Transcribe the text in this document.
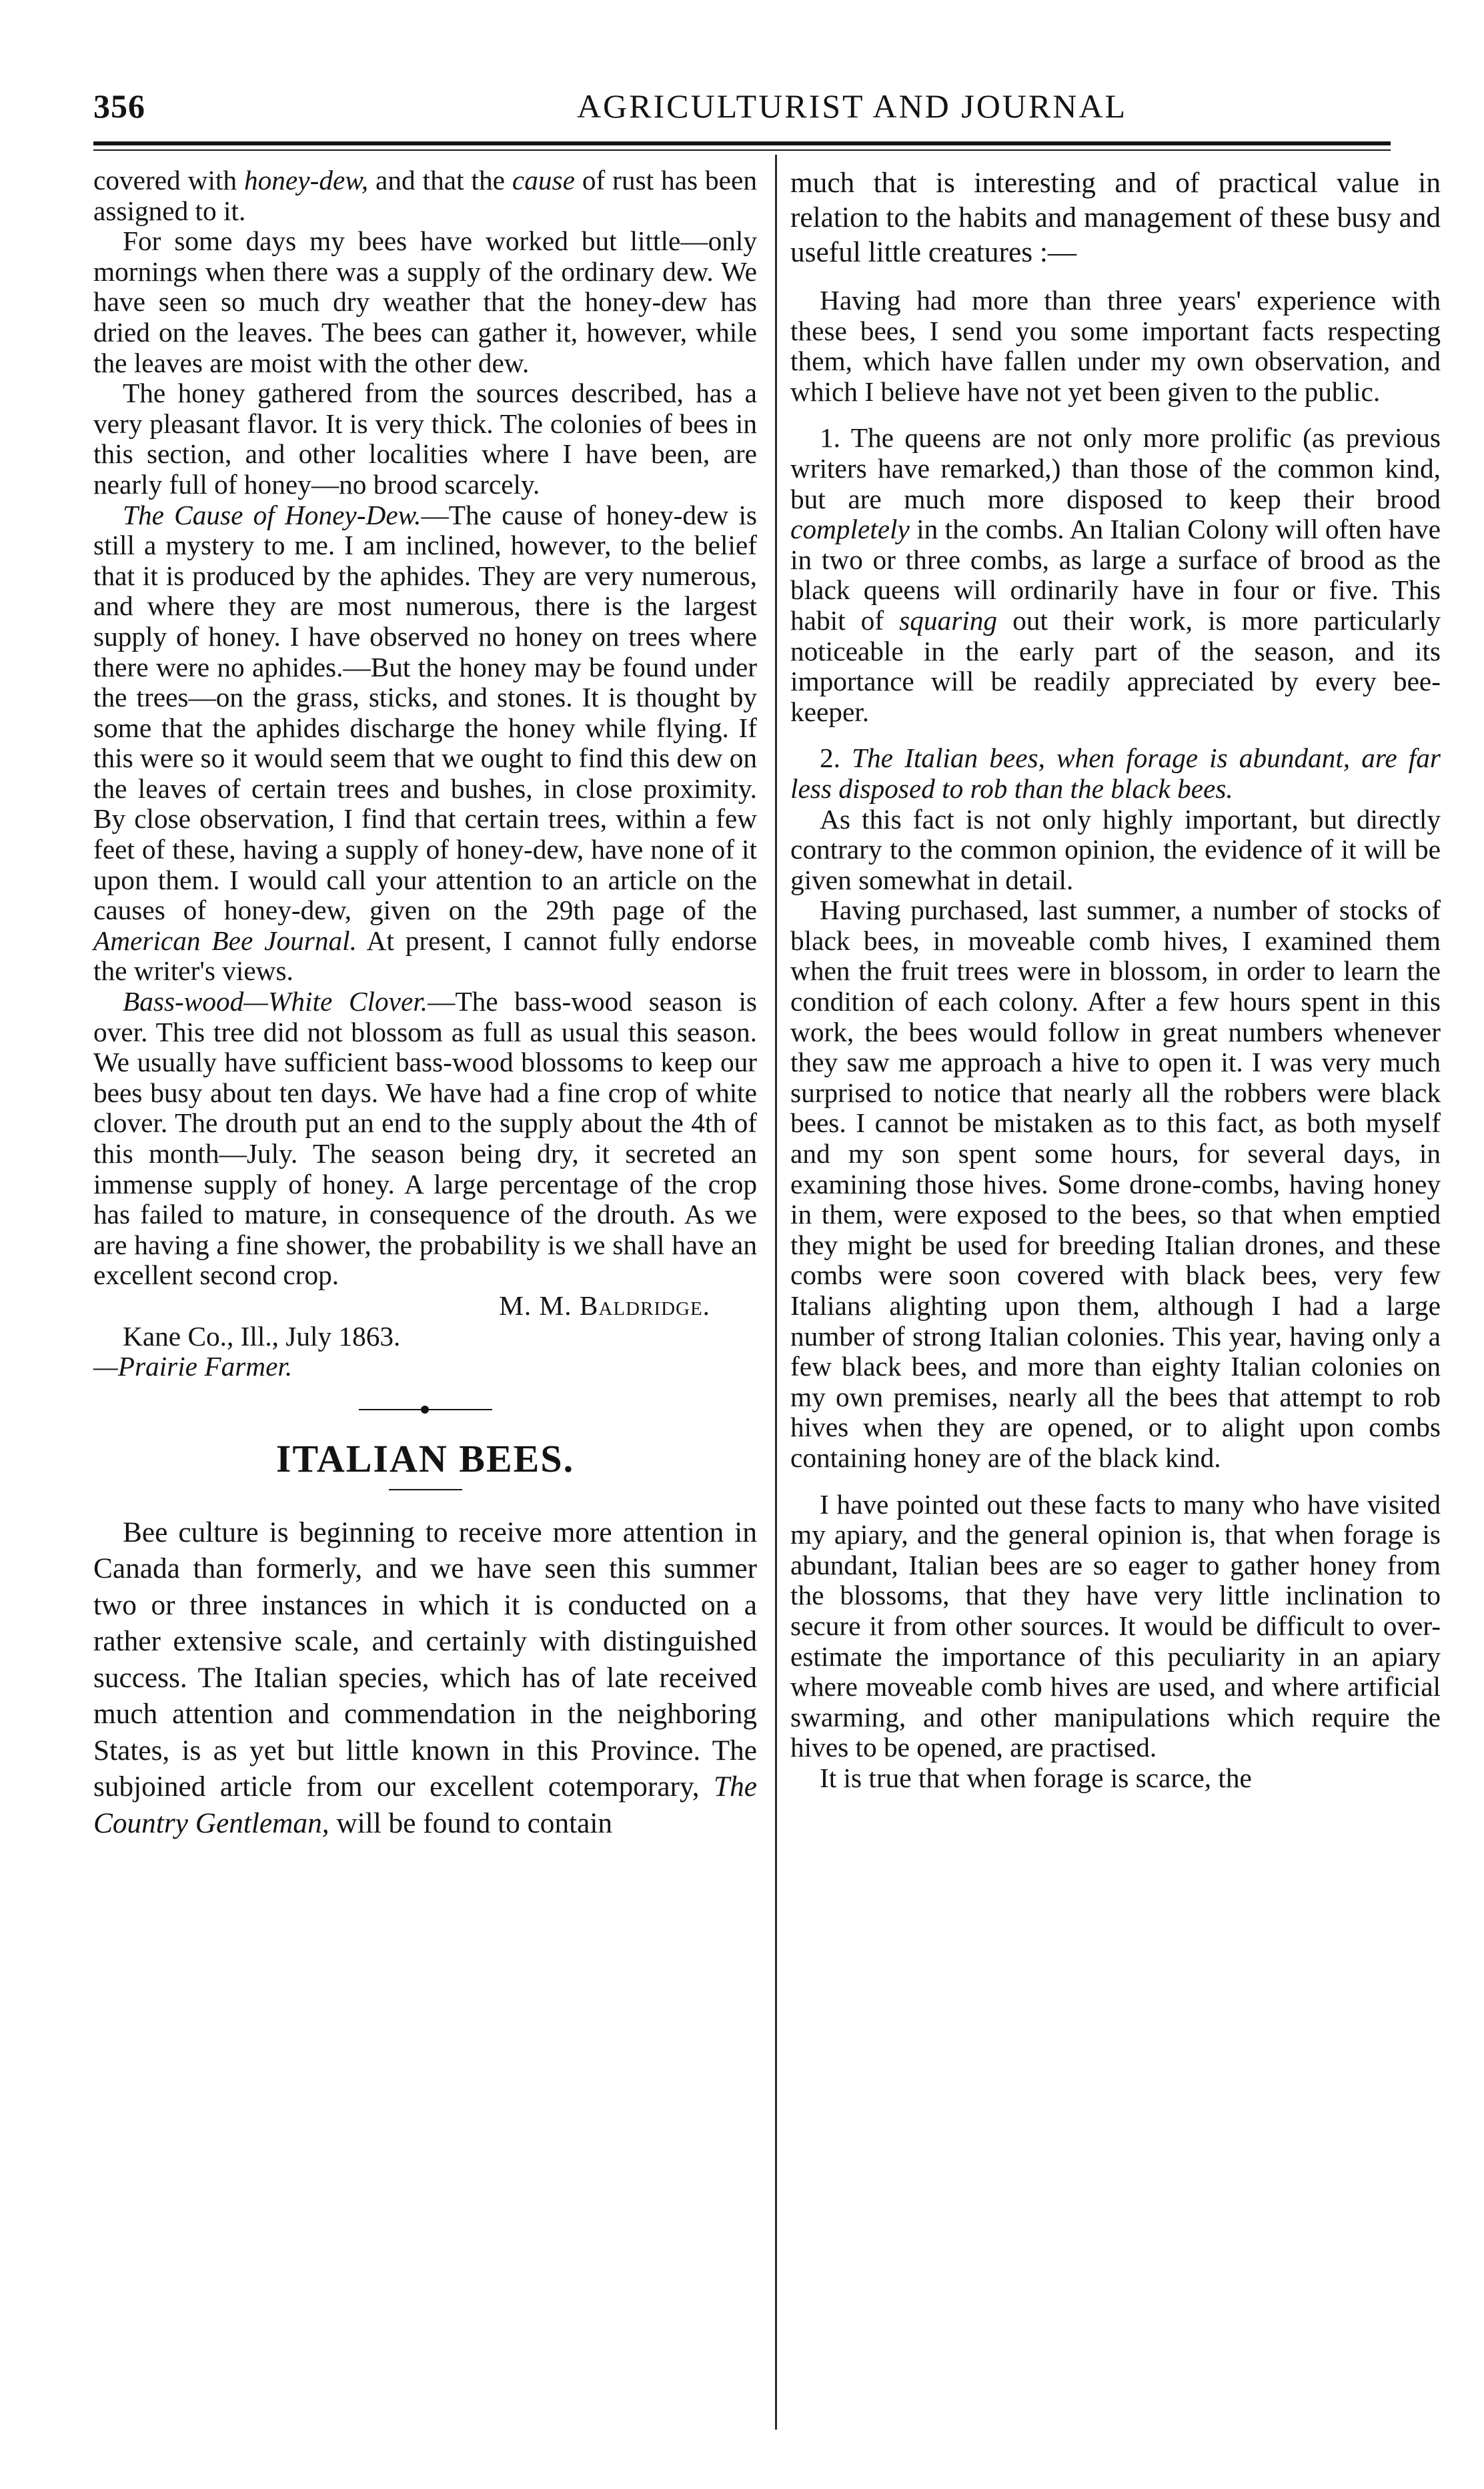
356	AGRICULTURIST AND JOURNAL

covered with honey-dew, and that the cause of rust has been assigned to it.

For some days my bees have worked but little—only mornings when there was a supply of the ordinary dew. We have seen so much dry weather that the honey-dew has dried on the leaves. The bees can gather it, however, while the leaves are moist with the other dew.

The honey gathered from the sources described, has a very pleasant flavor. It is very thick. The colonies of bees in this section, and other localities where I have been, are nearly full of honey—no brood scarcely.

The Cause of Honey-Dew.—The cause of honey-dew is still a mystery to me. I am inclined, however, to the belief that it is produced by the aphides. They are very numerous, and where they are most numerous, there is the largest supply of honey. I have observed no honey on trees where there were no aphides.—But the honey may be found under the trees—on the grass, sticks, and stones. It is thought by some that the aphides discharge the honey while flying. If this were so it would seem that we ought to find this dew on the leaves of certain trees and bushes, in close proximity. By close observation, I find that certain trees, within a few feet of these, having a supply of honey-dew, have none of it upon them. I would call your attention to an article on the causes of honey-dew, given on the 29th page of the American Bee Journal. At present, I cannot fully endorse the writer's views.

Bass-wood—White Clover.—The bass-wood season is over. This tree did not blossom as full as usual this season. We usually have sufficient bass-wood blossoms to keep our bees busy about ten days. We have had a fine crop of white clover. The drouth put an end to the supply about the 4th of this month—July. The season being dry, it secreted an immense supply of honey. A large percentage of the crop has failed to mature, in consequence of the drouth. As we are having a fine shower, the probability is we shall have an excellent second crop.

M. M. Baldridge.

Kane Co., Ill., July 1863.

—Prairie Farmer.

ITALIAN BEES.

Bee culture is beginning to receive more attention in Canada than formerly, and we have seen this summer two or three instances in which it is conducted on a rather extensive scale, and certainly with distinguished success. The Italian species, which has of late received much attention and commendation in the neighboring States, is as yet but little known in this Province. The subjoined article from our excellent cotemporary, The Country Gentleman, will be found to contain

much that is interesting and of practical value in relation to the habits and management of these busy and useful little creatures :—

Having had more than three years' experience with these bees, I send you some important facts respecting them, which have fallen under my own observation, and which I believe have not yet been given to the public.

1. The queens are not only more prolific (as previous writers have remarked,) than those of the common kind, but are much more disposed to keep their brood completely in the combs. An Italian Colony will often have in two or three combs, as large a surface of brood as the black queens will ordinarily have in four or five. This habit of squaring out their work, is more particularly noticeable in the early part of the season, and its importance will be readily appreciated by every bee-keeper.

2. The Italian bees, when forage is abundant, are far less disposed to rob than the black bees.

As this fact is not only highly important, but directly contrary to the common opinion, the evidence of it will be given somewhat in detail.

Having purchased, last summer, a number of stocks of black bees, in moveable comb hives, I examined them when the fruit trees were in blossom, in order to learn the condition of each colony. After a few hours spent in this work, the bees would follow in great numbers whenever they saw me approach a hive to open it. I was very much surprised to notice that nearly all the robbers were black bees. I cannot be mistaken as to this fact, as both myself and my son spent some hours, for several days, in examining those hives. Some drone-combs, having honey in them, were exposed to the bees, so that when emptied they might be used for breeding Italian drones, and these combs were soon covered with black bees, very few Italians alighting upon them, although I had a large number of strong Italian colonies. This year, having only a few black bees, and more than eighty Italian colonies on my own premises, nearly all the bees that attempt to rob hives when they are opened, or to alight upon combs containing honey are of the black kind.

I have pointed out these facts to many who have visited my apiary, and the general opinion is, that when forage is abundant, Italian bees are so eager to gather honey from the blossoms, that they have very little inclination to secure it from other sources. It would be difficult to over-estimate the importance of this peculiarity in an apiary where moveable comb hives are used, and where artificial swarming, and other manipulations which require the hives to be opened, are practised.

It is true that when forage is scarce, the
